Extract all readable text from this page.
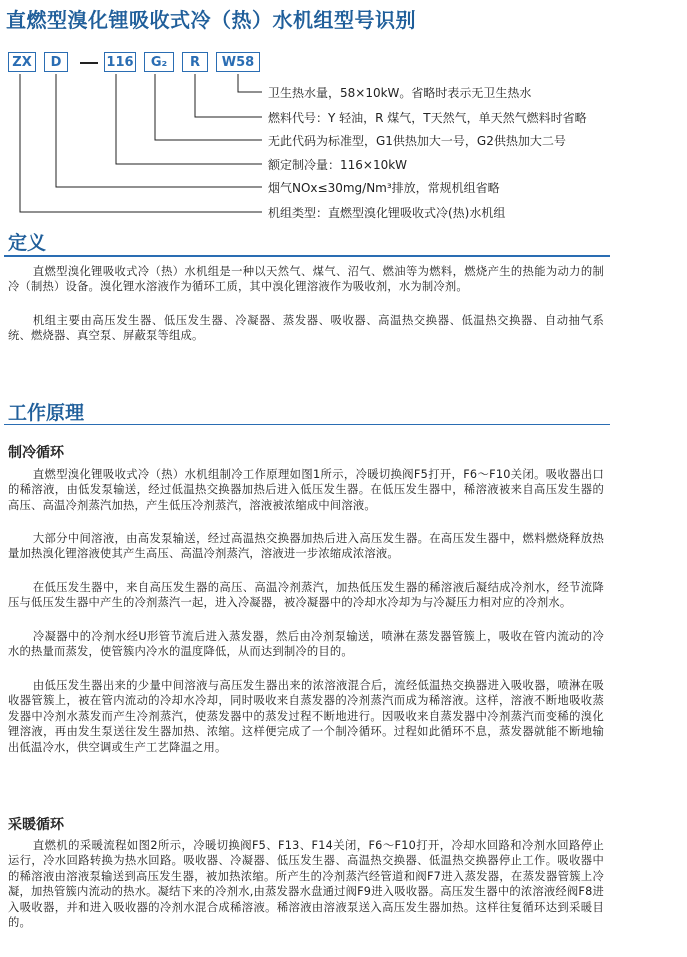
直燃型溴化锂吸收式冷（热）水机组型号识别
ZX	D	116	G₂	R	W58
卫生热水量，58×10kW。省略时表示无卫生热水
燃料代号：Y 轻油，R 煤气，T天然气，单天然气燃料时省略
无此代码为标准型，G1供热加大一号，G2供热加大二号
额定制冷量：116×10kW
烟气NOx≤30mg/Nm³排放，常规机组省略
机组类型：直燃型溴化锂吸收式冷(热)水机组
定义
直燃型溴化锂吸收式冷（热）水机组是一种以天然气、煤气、沼气、燃油等为燃料，燃烧产生的热能为动力的制冷（制热）设备。溴化锂水溶液作为循环工质，其中溴化锂溶液作为吸收剂，水为制冷剂。
机组主要由高压发生器、低压发生器、冷凝器、蒸发器、吸收器、高温热交换器、低温热交换器、自动抽气系统、燃烧器、真空泵、屏蔽泵等组成。
工作原理
制冷循环
直燃型溴化锂吸收式冷（热）水机组制冷工作原理如图1所示，冷暖切换阀F5打开，F6～F10关闭。吸收器出口的稀溶液，由低发泵输送，经过低温热交换器加热后进入低压发生器。在低压发生器中，稀溶液被来自高压发生器的高压、高温冷剂蒸汽加热，产生低压冷剂蒸汽，溶液被浓缩成中间溶液。
大部分中间溶液，由高发泵输送，经过高温热交换器加热后进入高压发生器。在高压发生器中，燃料燃烧释放热量加热溴化锂溶液使其产生高压、高温冷剂蒸汽，溶液进一步浓缩成浓溶液。
在低压发生器中，来自高压发生器的高压、高温冷剂蒸汽，加热低压发生器的稀溶液后凝结成冷剂水，经节流降压与低压发生器中产生的冷剂蒸汽一起，进入冷凝器，被冷凝器中的冷却水冷却为与冷凝压力相对应的冷剂水。
冷凝器中的冷剂水经U形管节流后进入蒸发器，然后由冷剂泵输送，喷淋在蒸发器管簇上，吸收在管内流动的冷水的热量而蒸发，使管簇内冷水的温度降低，从而达到制冷的目的。
由低压发生器出来的少量中间溶液与高压发生器出来的浓溶液混合后，流经低温热交换器进入吸收器，喷淋在吸收器管簇上，被在管内流动的冷却水冷却，同时吸收来自蒸发器的冷剂蒸汽而成为稀溶液。这样，溶液不断地吸收蒸发器中冷剂水蒸发而产生冷剂蒸汽，使蒸发器中的蒸发过程不断地进行。因吸收来自蒸发器中冷剂蒸汽而变稀的溴化锂溶液，再由发生泵送往发生器加热、浓缩。这样便完成了一个制冷循环。过程如此循环不息，蒸发器就能不断地输出低温冷水，供空调或生产工艺降温之用。
采暖循环
直燃机的采暖流程如图2所示，冷暖切换阀F5、F13、F14关闭，F6～F10打开，冷却水回路和冷剂水回路停止运行，冷水回路转换为热水回路。吸收器、冷凝器、低压发生器、高温热交换器、低温热交换器停止工作。吸收器中的稀溶液由溶液泵输送到高压发生器，被加热浓缩。所产生的冷剂蒸汽经管道和阀F7进入蒸发器，在蒸发器管簇上冷凝，加热管簇内流动的热水。凝结下来的冷剂水,由蒸发器水盘通过阀F9进入吸收器。高压发生器中的浓溶液经阀F8进入吸收器，并和进入吸收器的冷剂水混合成稀溶液。稀溶液由溶液泵送入高压发生器加热。这样往复循环达到采暖目的。
